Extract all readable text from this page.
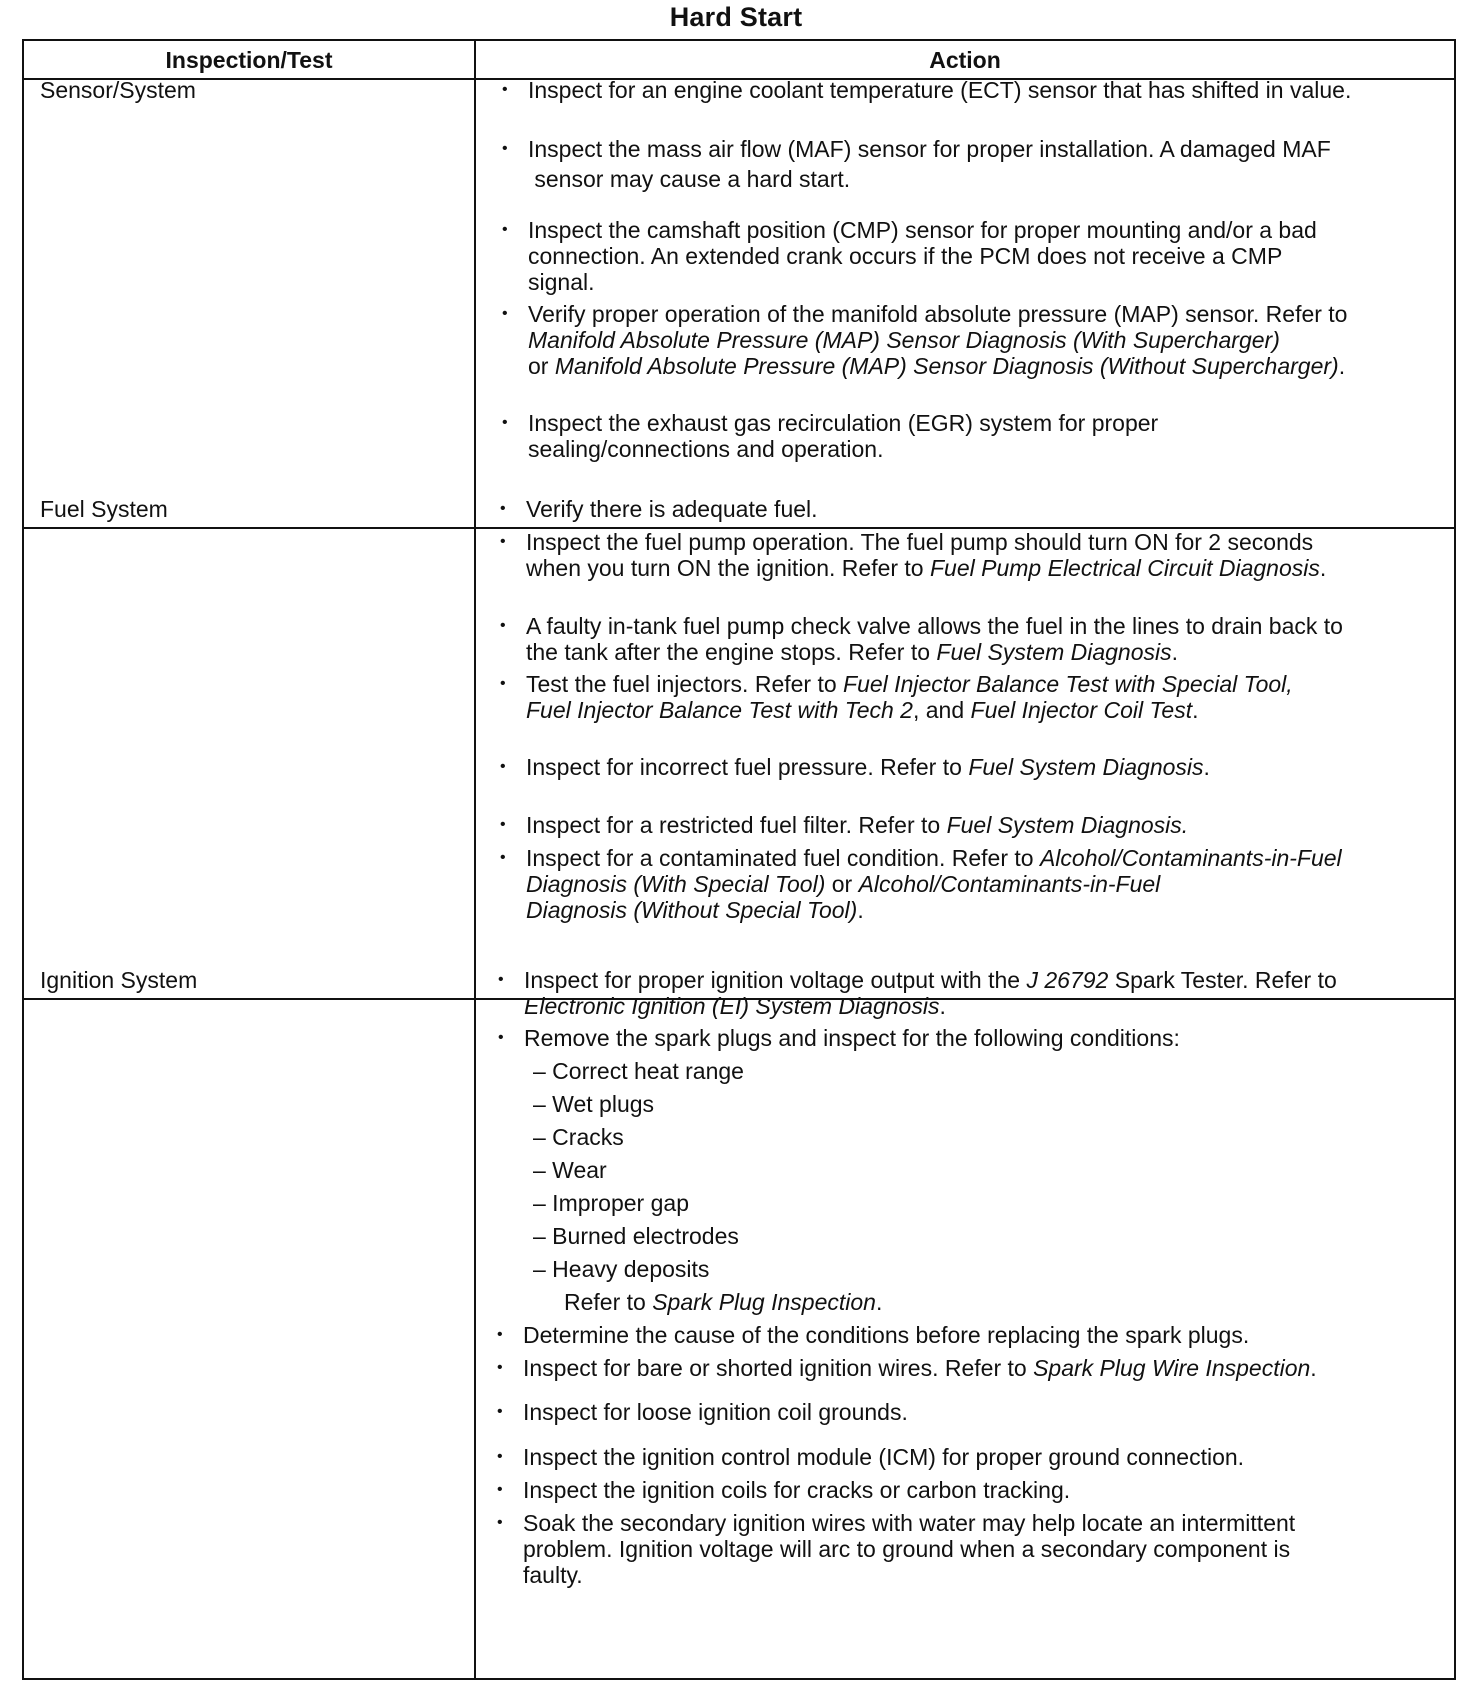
Hard Start
Inspection/Test	Action
Sensor/System	• Inspect for an engine coolant temperature (ECT) sensor that has shifted in value.
• Inspect the mass air flow (MAF) sensor for proper installation. A damaged MAF
sensor may cause a hard start.
• Inspect the camshaft position (CMP) sensor for proper mounting and/or a bad
connection. An extended crank occurs if the PCM does not receive a CMP
signal.
• Verify proper operation of the manifold absolute pressure (MAP) sensor. Refer to
Manifold Absolute Pressure (MAP) Sensor Diagnosis (With Supercharger)
or Manifold Absolute Pressure (MAP) Sensor Diagnosis (Without Supercharger).
• Inspect the exhaust gas recirculation (EGR) system for proper
sealing/connections and operation.
Fuel System	• Verify there is adequate fuel.
• Inspect the fuel pump operation. The fuel pump should turn ON for 2 seconds
when you turn ON the ignition. Refer to Fuel Pump Electrical Circuit Diagnosis.
• A faulty in-tank fuel pump check valve allows the fuel in the lines to drain back to
the tank after the engine stops. Refer to Fuel System Diagnosis.
• Test the fuel injectors. Refer to Fuel Injector Balance Test with Special Tool,
Fuel Injector Balance Test with Tech 2, and Fuel Injector Coil Test.
• Inspect for incorrect fuel pressure. Refer to Fuel System Diagnosis.
• Inspect for a restricted fuel filter. Refer to Fuel System Diagnosis.
• Inspect for a contaminated fuel condition. Refer to Alcohol/Contaminants-in-Fuel
Diagnosis (With Special Tool) or Alcohol/Contaminants-in-Fuel
Diagnosis (Without Special Tool).
Ignition System	• Inspect for proper ignition voltage output with the J 26792 Spark Tester. Refer to
Electronic Ignition (EI) System Diagnosis.
• Remove the spark plugs and inspect for the following conditions:
– Correct heat range
– Wet plugs
– Cracks
– Wear
– Improper gap
– Burned electrodes
– Heavy deposits
Refer to Spark Plug Inspection.
• Determine the cause of the conditions before replacing the spark plugs.
• Inspect for bare or shorted ignition wires. Refer to Spark Plug Wire Inspection.
• Inspect for loose ignition coil grounds.
• Inspect the ignition control module (ICM) for proper ground connection.
• Inspect the ignition coils for cracks or carbon tracking.
• Soak the secondary ignition wires with water may help locate an intermittent
problem. Ignition voltage will arc to ground when a secondary component is
faulty.
